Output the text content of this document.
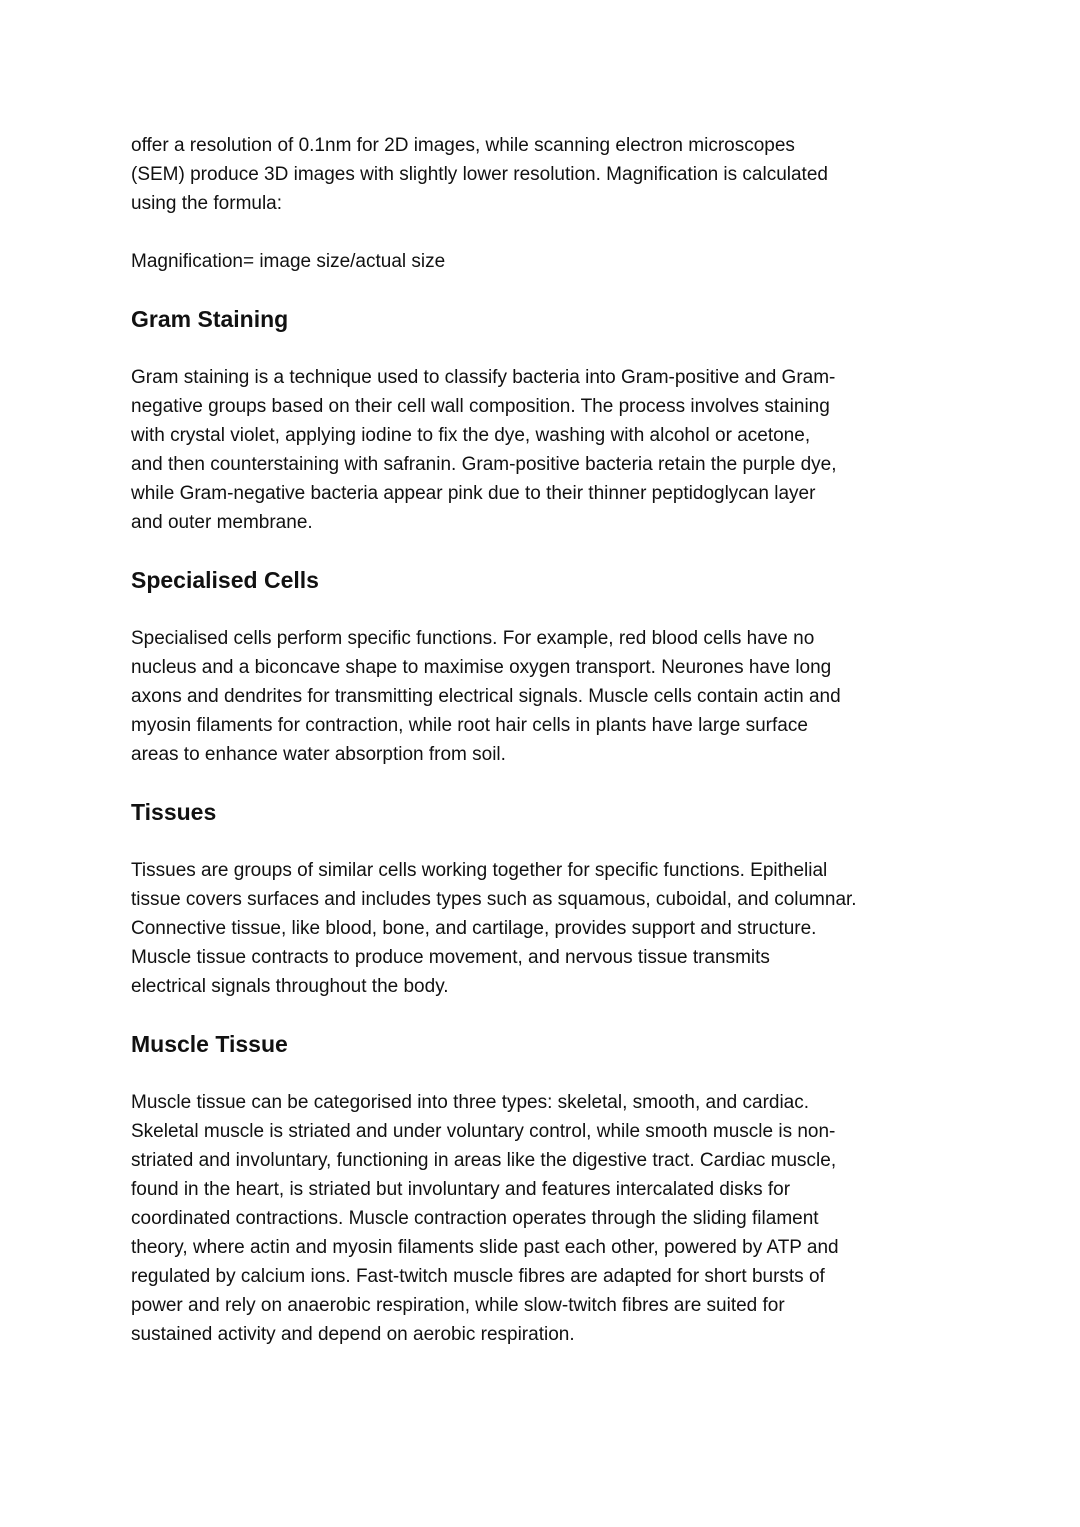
offer a resolution of 0.1nm for 2D images, while scanning electron microscopes
(SEM) produce 3D images with slightly lower resolution. Magnification is calculated
using the formula:
Magnification= image size/actual size
Gram Staining
Gram staining is a technique used to classify bacteria into Gram-positive and Gram-
negative groups based on their cell wall composition. The process involves staining
with crystal violet, applying iodine to fix the dye, washing with alcohol or acetone,
and then counterstaining with safranin. Gram-positive bacteria retain the purple dye,
while Gram-negative bacteria appear pink due to their thinner peptidoglycan layer
and outer membrane.
Specialised Cells
Specialised cells perform specific functions. For example, red blood cells have no
nucleus and a biconcave shape to maximise oxygen transport. Neurones have long
axons and dendrites for transmitting electrical signals. Muscle cells contain actin and
myosin filaments for contraction, while root hair cells in plants have large surface
areas to enhance water absorption from soil.
Tissues
Tissues are groups of similar cells working together for specific functions. Epithelial
tissue covers surfaces and includes types such as squamous, cuboidal, and columnar.
Connective tissue, like blood, bone, and cartilage, provides support and structure.
Muscle tissue contracts to produce movement, and nervous tissue transmits
electrical signals throughout the body.
Muscle Tissue
Muscle tissue can be categorised into three types: skeletal, smooth, and cardiac.
Skeletal muscle is striated and under voluntary control, while smooth muscle is non-
striated and involuntary, functioning in areas like the digestive tract. Cardiac muscle,
found in the heart, is striated but involuntary and features intercalated disks for
coordinated contractions. Muscle contraction operates through the sliding filament
theory, where actin and myosin filaments slide past each other, powered by ATP and
regulated by calcium ions. Fast-twitch muscle fibres are adapted for short bursts of
power and rely on anaerobic respiration, while slow-twitch fibres are suited for
sustained activity and depend on aerobic respiration.
